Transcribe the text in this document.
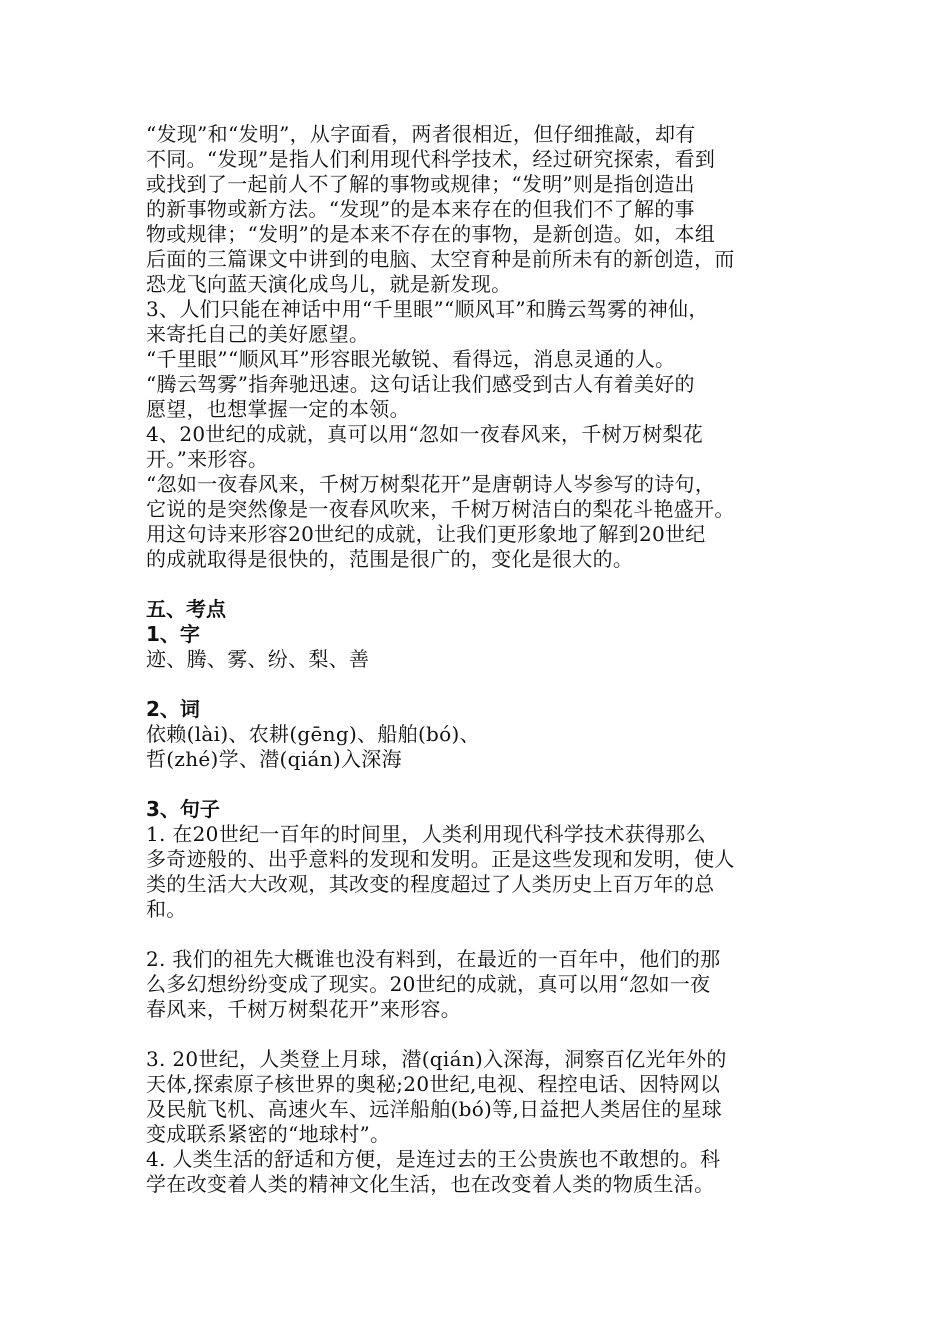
“发现”和“发明”，从字面看，两者很相近，但仔细推敲，却有
不同。“发现”是指人们利用现代科学技术，经过研究探索，看到
或找到了一起前人不了解的事物或规律；“发明”则是指创造出
的新事物或新方法。“发现”的是本来存在的但我们不了解的事
物或规律；“发明”的是本来不存在的事物，是新创造。如，本组
后面的三篇课文中讲到的电脑、太空育种是前所未有的新创造，而
恐龙飞向蓝天演化成鸟儿，就是新发现。
3、人们只能在神话中用“千里眼”“顺风耳”和腾云驾雾的神仙，
来寄托自己的美好愿望。
“千里眼”“顺风耳”形容眼光敏锐、看得远，消息灵通的人。
“腾云驾雾”指奔驰迅速。这句话让我们感受到古人有着美好的
愿望，也想掌握一定的本领。
4、20世纪的成就，真可以用“忽如一夜春风来，千树万树梨花
开。”来形容。
“忽如一夜春风来，千树万树梨花开”是唐朝诗人岑参写的诗句，
它说的是突然像是一夜春风吹来，千树万树洁白的梨花斗艳盛开。
用这句诗来形容20世纪的成就，让我们更形象地了解到20世纪
的成就取得是很快的，范围是很广的，变化是很大的。
五、考点
1、字
迹、腾、雾、纷、梨、善
2、词
依赖(lài)、农耕(gēng)、船舶(bó)、
哲(zhé)学、潜(qián)入深海
3、句子
1. 在20世纪一百年的时间里，人类利用现代科学技术获得那么
多奇迹般的、出乎意料的发现和发明。正是这些发现和发明，使人
类的生活大大改观，其改变的程度超过了人类历史上百万年的总
和。
2. 我们的祖先大概谁也没有料到，在最近的一百年中，他们的那
么多幻想纷纷变成了现实。20世纪的成就，真可以用“忽如一夜
春风来，千树万树梨花开”来形容。
3. 20世纪，人类登上月球，潜(qián)入深海，洞察百亿光年外的
天体,探索原子核世界的奥秘;20世纪,电视、程控电话、因特网以
及民航飞机、高速火车、远洋船舶(bó)等,日益把人类居住的星球
变成联系紧密的“地球村”。
4. 人类生活的舒适和方便，是连过去的王公贵族也不敢想的。科
学在改变着人类的精神文化生活，也在改变着人类的物质生活。
